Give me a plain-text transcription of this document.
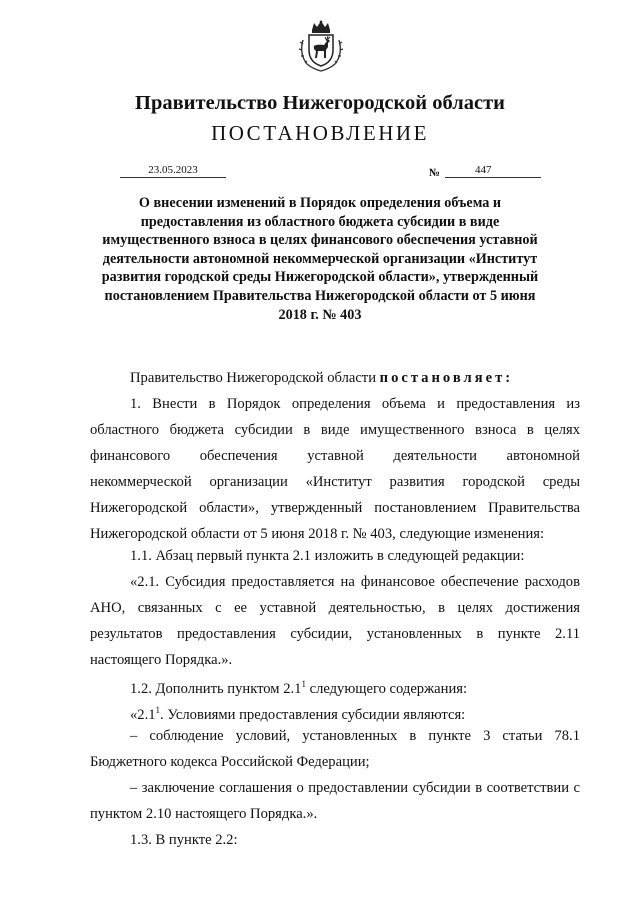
Правительство Нижегородской области
ПОСТАНОВЛЕНИЕ
23.05.2023	№	447
О внесении изменений в Порядок определения объема и предоставления из областного бюджета субсидии в виде имущественного взноса в целях финансового обеспечения уставной деятельности автономной некоммерческой организации «Институт развития городской среды Нижегородской области», утвержденный постановлением Правительства Нижегородской области от 5 июня 2018 г. № 403
Правительство Нижегородской области постановляет:
1. Внести в Порядок определения объема и предоставления из областного бюджета субсидии в виде имущественного взноса в целях финансового обеспечения уставной деятельности автономной некоммерческой организации «Институт развития городской среды Нижегородской области», утвержденный постановлением Правительства Нижегородской области от 5 июня 2018 г. № 403, следующие изменения:
1.1. Абзац первый пункта 2.1 изложить в следующей редакции:
«2.1. Субсидия предоставляется на финансовое обеспечение расходов АНО, связанных с ее уставной деятельностью, в целях достижения результатов предоставления субсидии, установленных в пункте 2.11 настоящего Порядка.».
1.2. Дополнить пунктом $2.1^1$ следующего содержания:
«$2.1^1$. Условиями предоставления субсидии являются:
– соблюдение условий, установленных в пункте 3 статьи 78.1 Бюджетного кодекса Российской Федерации;
– заключение соглашения о предоставлении субсидии в соответствии с пунктом 2.10 настоящего Порядка.».
1.3. В пункте 2.2:
